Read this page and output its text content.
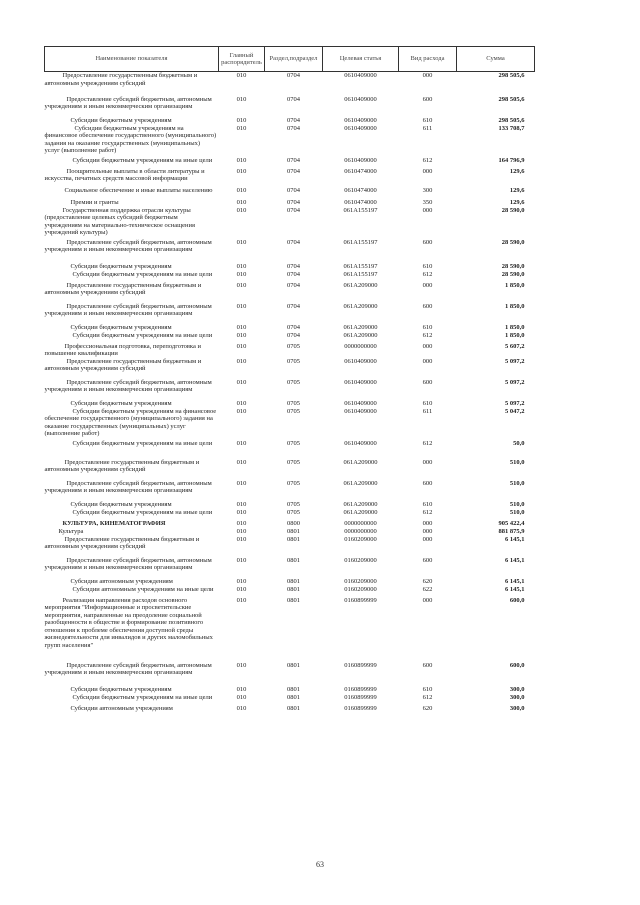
Наименование показателя	Главный распорядитель	Раздел,подраздел	Целевая статья	Вид расхода	Сумма

Предоставление государственным бюджетным и автономным учреждениям субсидий	010	0704	0610409000	000	298 505,6

Предоставление субсидий бюджетным, автономным учреждениям и иным некоммерческим организациям	010	0704	0610409000	600	298 505,6

Субсидии бюджетным учреждениям	010	0704	0610409000	610	298 505,6

Субсидии бюджетным учреждениям на финансовое обеспечение государственного (муниципального) задания на оказание государственных (муниципальных) услуг (выполнение работ)	010	0704	0610409000	611	133 708,7

Субсидии бюджетным учреждениям на иные цели	010	0704	0610409000	612	164 796,9

Поощрительные выплаты в области литературы и искусства, печатных средств массовой информации	010	0704	0610474000	000	129,6

Социальное обеспечение и иные выплаты населению	010	0704	0610474000	300	129,6

Премии и гранты	010	0704	0610474000	350	129,6

Государственная поддержка отрасли культуры (предоставление целевых субсидий бюджетным учреждениям на материально-техническое оснащения учреждений культуры)	010	0704	061A155197	000	28 590,0

Предоставление субсидий бюджетным, автономным учреждениям и иным некоммерческим организациям	010	0704	061A155197	600	28 590,0

Субсидии бюджетным учреждениям	010	0704	061A155197	610	28 590,0

Субсидии бюджетным учреждениям на иные цели	010	0704	061A155197	612	28 590,0

Предоставление государственным бюджетным и автономным учреждениям субсидий	010	0704	061A209000	000	1 850,0

Предоставление субсидий бюджетным, автономным учреждениям и иным некоммерческим организациям	010	0704	061A209000	600	1 850,0

Субсидии бюджетным учреждениям	010	0704	061A209000	610	1 850,0

Субсидии бюджетным учреждениям на иные цели	010	0704	061A209000	612	1 850,0

Профессиональная подготовка, переподготовка и повышение квалификации	010	0705	0000000000	000	5 607,2

Предоставление государственным бюджетным и автономным учреждениям субсидий	010	0705	0610409000	000	5 097,2

Предоставление субсидий бюджетным, автономным учреждениям и иным некоммерческим организациям	010	0705	0610409000	600	5 097,2

Субсидии бюджетным учреждениям	010	0705	0610409000	610	5 097,2

Субсидии бюджетным учреждениям на финансовое обеспечение государственного (муниципального) задания на оказание государственных (муниципальных) услуг (выполнение работ)	010	0705	0610409000	611	5 047,2

Субсидии бюджетным учреждениям на иные цели	010	0705	0610409000	612	50,0

Предоставление государственным бюджетным и автономным учреждениям субсидий	010	0705	061A209000	000	510,0

Предоставление субсидий бюджетным, автономным учреждениям и иным некоммерческим организациям	010	0705	061A209000	600	510,0

Субсидии бюджетным учреждениям	010	0705	061A209000	610	510,0

Субсидии бюджетным учреждениям на иные цели	010	0705	061A209000	612	510,0

КУЛЬТУРА, КИНЕМАТОГРАФИЯ	010	0800	0000000000	000	905 422,4

Культура	010	0801	0000000000	000	881 875,9

Предоставление государственным бюджетным и автономным учреждениям субсидий	010	0801	0160209000	000	6 145,1

Предоставление субсидий бюджетным, автономным учреждениям и иным некоммерческим организациям	010	0801	0160209000	600	6 145,1

Субсидии автономным учреждениям	010	0801	0160209000	620	6 145,1

Субсидии автономным учреждениям на иные цели	010	0801	0160209000	622	6 145,1

Реализация направления расходов основного мероприятия "Информационные и просветительские мероприятия, направленные на преодоление социальной разобщенности в обществе и формирование позитивного отношения к проблеме обеспечения доступной среды жизнедеятельности для инвалидов и других маломобильных групп населения"	010	0801	0160899999	000	600,0

Предоставление субсидий бюджетным, автономным учреждениям и иным некоммерческим организациям	010	0801	0160899999	600	600,0

Субсидии бюджетным учреждениям	010	0801	0160899999	610	300,0

Субсидии бюджетным учреждениям на иные цели	010	0801	0160899999	612	300,0

Субсидии автономным учреждениям	010	0801	0160899999	620	300,0
63
